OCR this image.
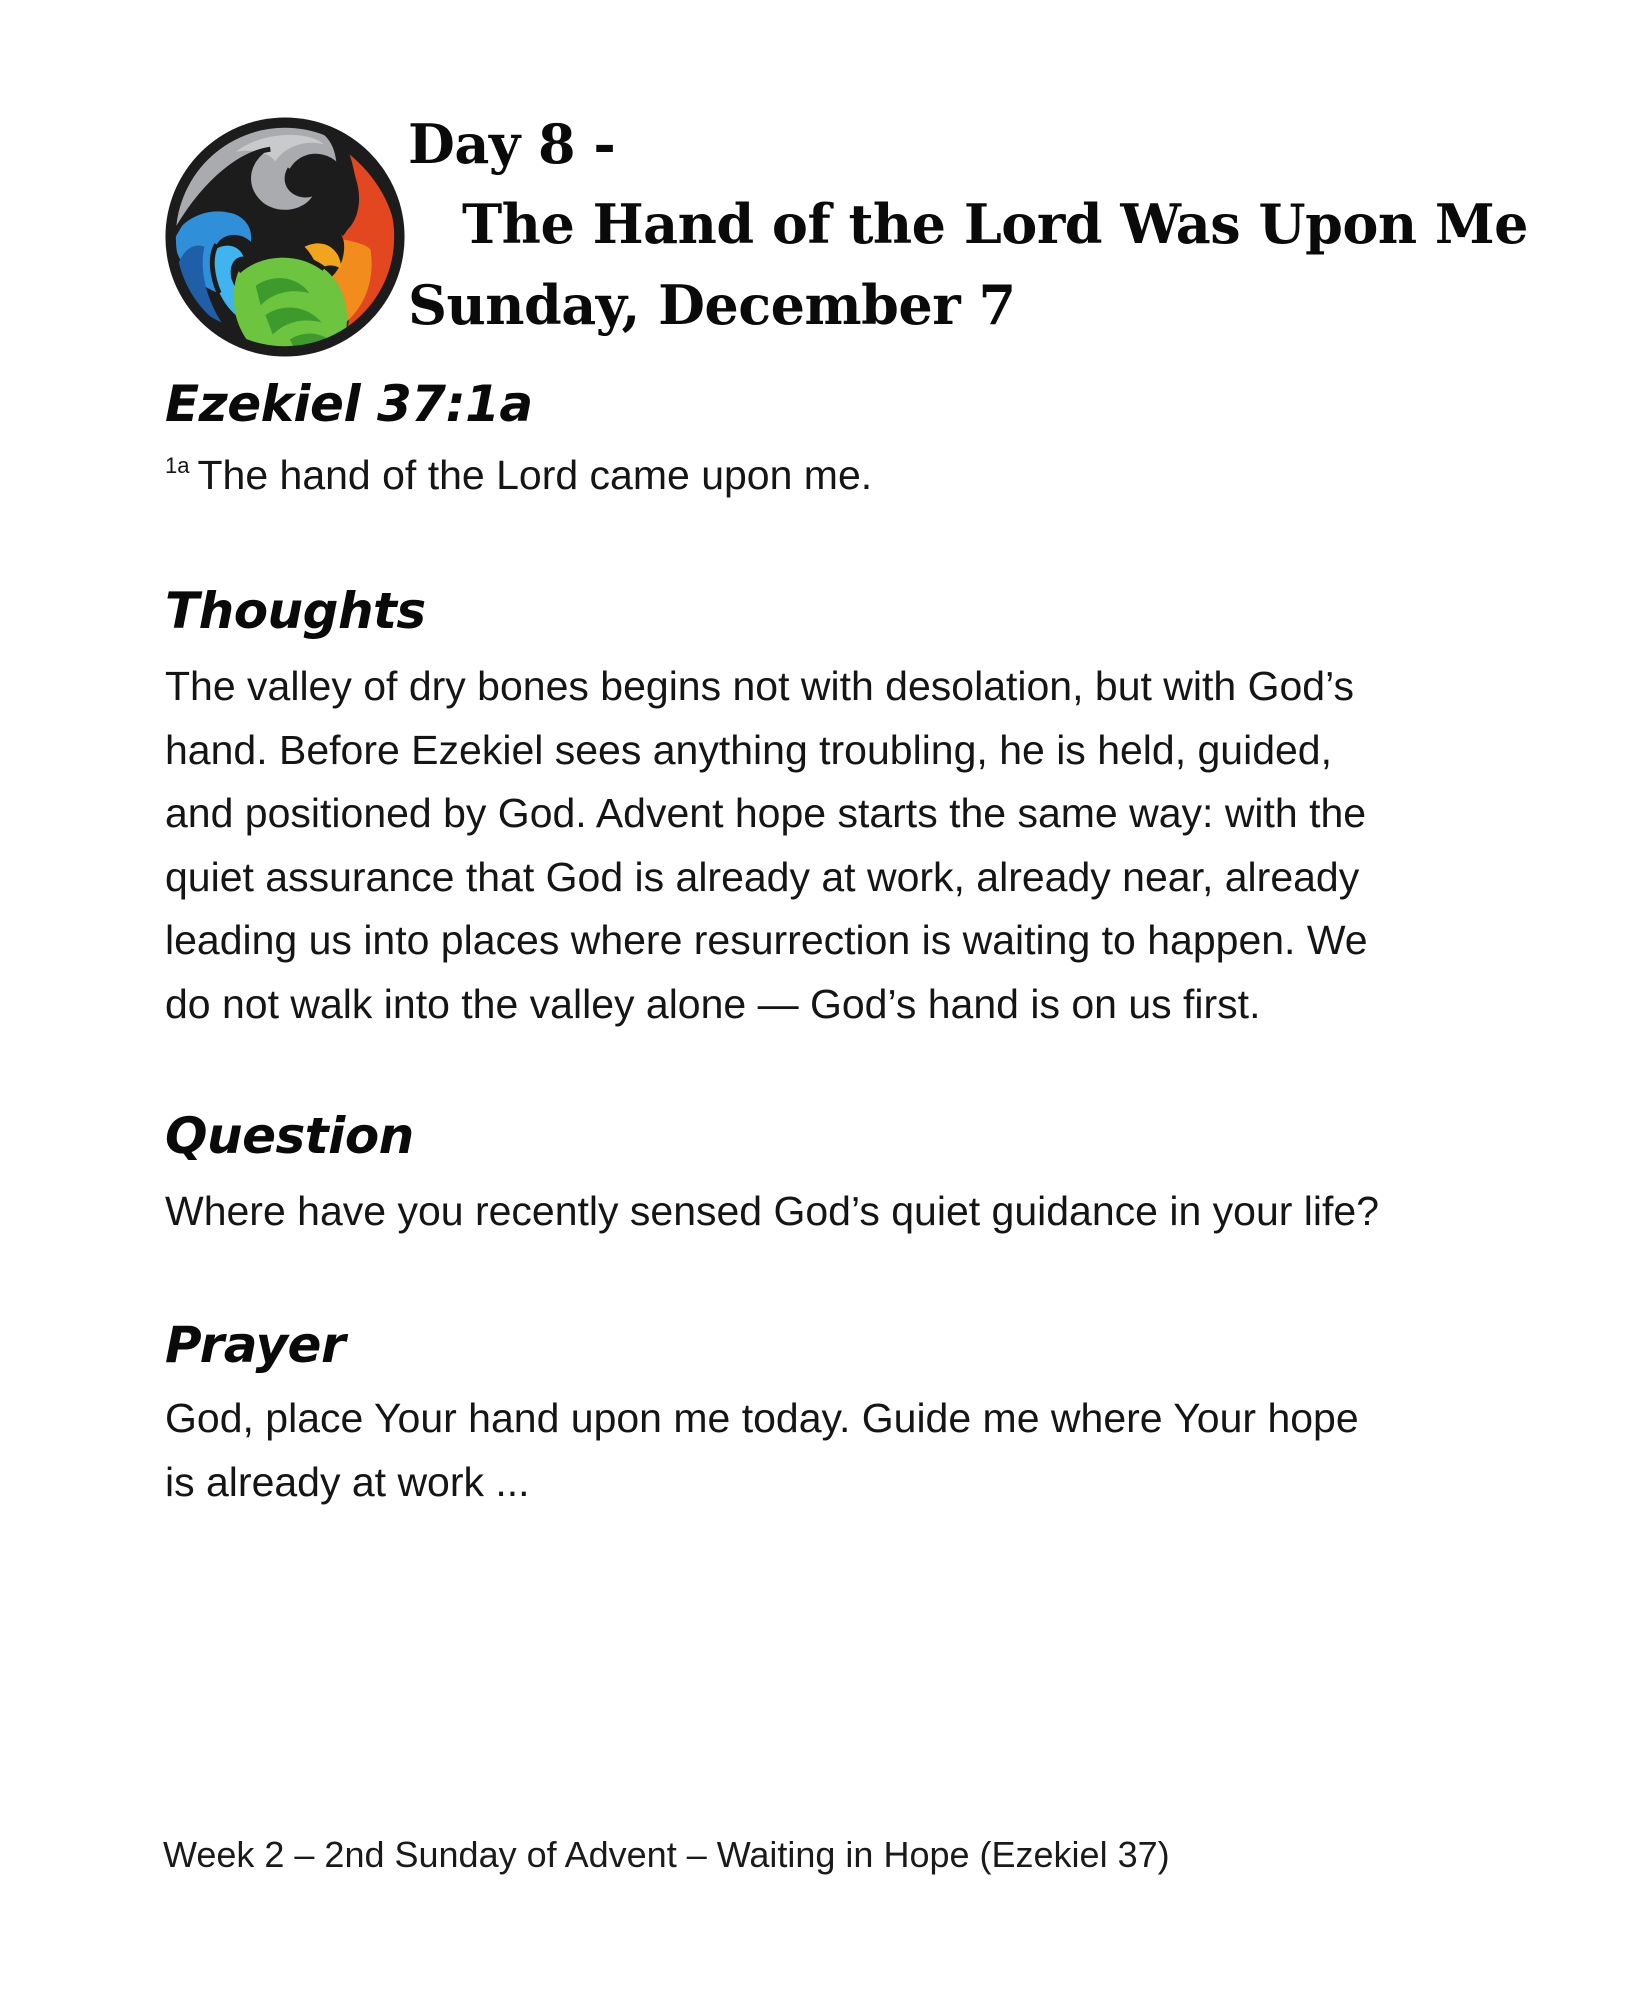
Day 8 -
The Hand of the Lord Was Upon Me
Sunday, December 7
Ezekiel 37:1a
$^{1a}$ The hand of the Lord came upon me.
Thoughts
The valley of dry bones begins not with desolation, but with God’s
hand. Before Ezekiel sees anything troubling, he is held, guided,
and positioned by God. Advent hope starts the same way: with the
quiet assurance that God is already at work, already near, already
leading us into places where resurrection is waiting to happen. We
do not walk into the valley alone — God’s hand is on us first.
Question
Where have you recently sensed God’s quiet guidance in your life?
Prayer
God, place Your hand upon me today. Guide me where Your hope
is already at work ...
Week 2 – 2nd Sunday of Advent – Waiting in Hope (Ezekiel 37)
